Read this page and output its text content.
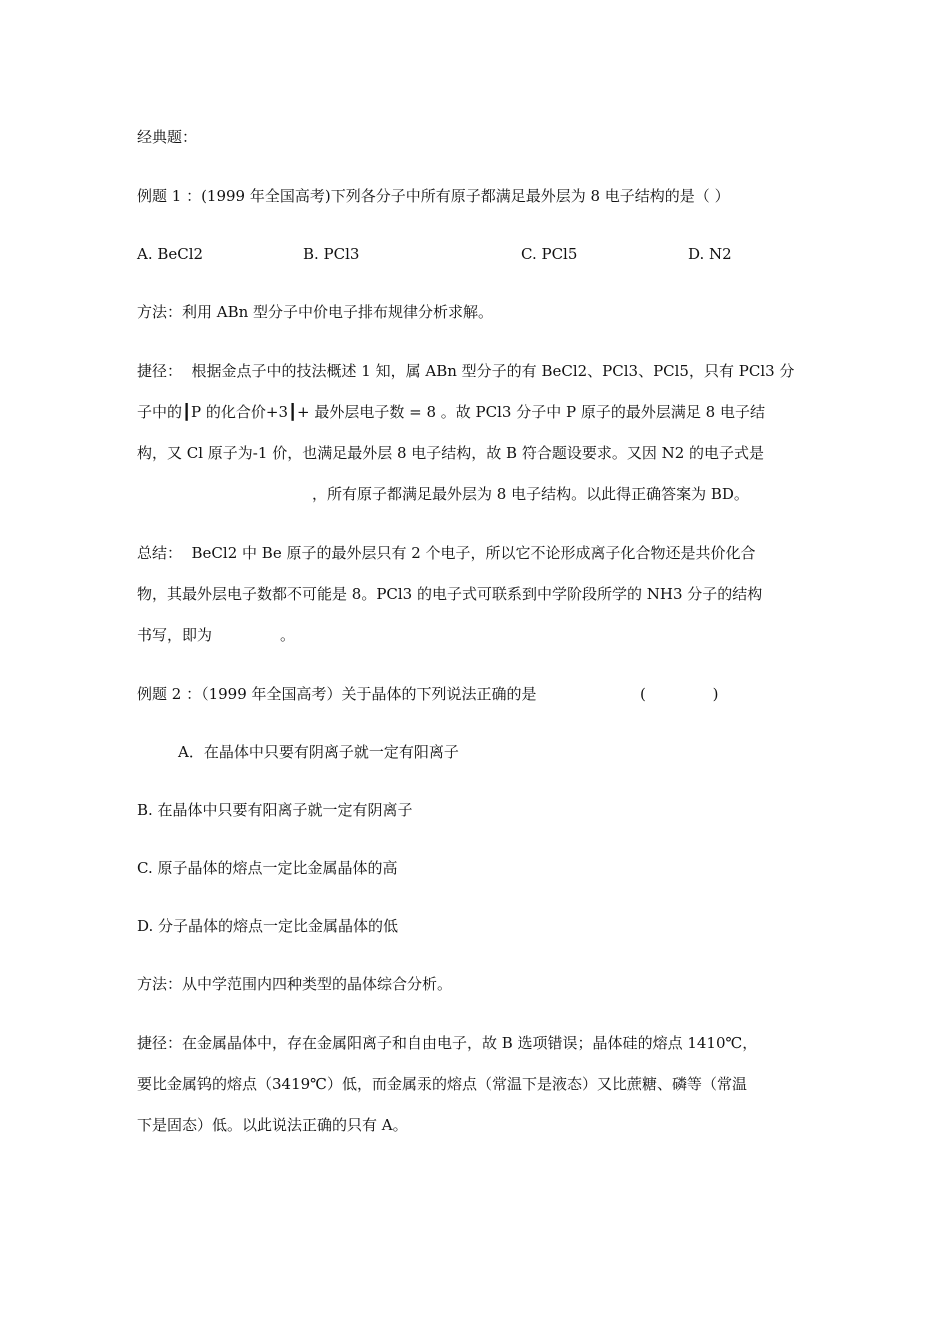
经典题：
例题 1 ：(1999 年全国高考)下列各分子中所有原子都满足最外层为 8 电子结构的是（ ）
A. BeCl2	B. PCl3	C. PCl5	D. N2
方法：利用 ABn 型分子中价电子排布规律分析求解。
捷径：  根据金点子中的技法概述 1 知，属 ABn 型分子的有 BeCl2、PCl3、PCl5，只有 PCl3 分
子中的┃P 的化合价+3┃+ 最外层电子数 = 8 。故 PCl3 分子中 P 原子的最外层满足 8 电子结
构，又 Cl 原子为-1 价，也满足最外层 8 电子结构，故 B 符合题设要求。又因 N2 的电子式是
，所有原子都满足最外层为 8 电子结构。以此得正确答案为 BD。
总结：  BeCl2 中 Be 原子的最外层只有 2 个电子，所以它不论形成离子化合物还是共价化合
物，其最外层电子数都不可能是 8。PCl3 的电子式可联系到中学阶段所学的 NH3 分子的结构
书写，即为	。
例题 2 ：（1999 年全国高考）关于晶体的下列说法正确的是	(              )
A．在晶体中只要有阴离子就一定有阳离子
B. 在晶体中只要有阳离子就一定有阴离子
C. 原子晶体的熔点一定比金属晶体的高
D. 分子晶体的熔点一定比金属晶体的低
方法：从中学范围内四种类型的晶体综合分析。
捷径：在金属晶体中，存在金属阳离子和自由电子，故 B 选项错误；晶体硅的熔点 1410℃，
要比金属钨的熔点（3419℃）低，而金属汞的熔点（常温下是液态）又比蔗糖、磷等（常温
下是固态）低。以此说法正确的只有 A。
